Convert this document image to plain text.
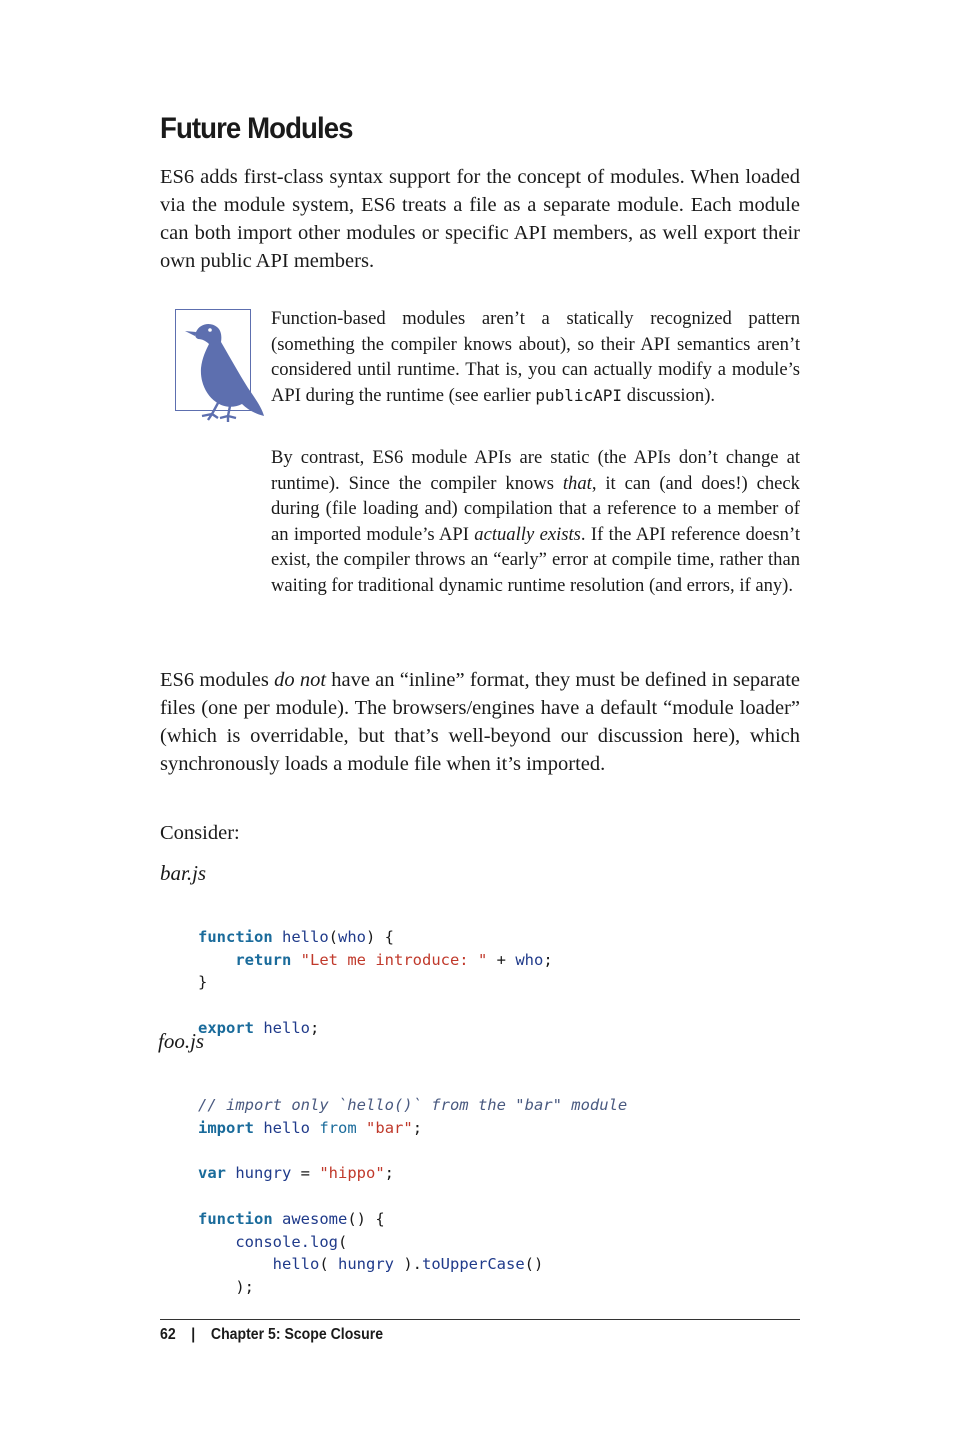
Future Modules

ES6 adds first-class syntax support for the concept of modules. When loaded via the module system, ES6 treats a file as a separate module. Each module can both import other modules or specific API members, as well export their own public API members.

Function-based modules aren’t a statically recognized pattern (something the compiler knows about), so their API semantics aren’t considered until runtime. That is, you can actually modify a module’s API during the runtime (see earlier publicAPI discussion).

By contrast, ES6 module APIs are static (the APIs don’t change at runtime). Since the compiler knows that, it can (and does!) check during (file loading and) compilation that a reference to a member of an imported module’s API actually exists. If the API reference doesn’t exist, the compiler throws an “early” error at compile time, rather than waiting for traditional dynamic runtime resolution (and errors, if any).

ES6 modules do not have an “inline” format, they must be defined in separate files (one per module). The browsers/engines have a default “module loader” (which is overridable, but that’s well-beyond our discussion here), which synchronously loads a module file when it’s imported.

Consider:

bar.js

function hello(who) {
return "Let me introduce: " + who;
}

export hello;

foo.js

// import only `hello()` from the "bar" module
import hello from "bar";

var hungry = "hippo";

function awesome() {
console.log(
hello( hungry ).toUpperCase()
);

62 | Chapter 5: Scope Closure
